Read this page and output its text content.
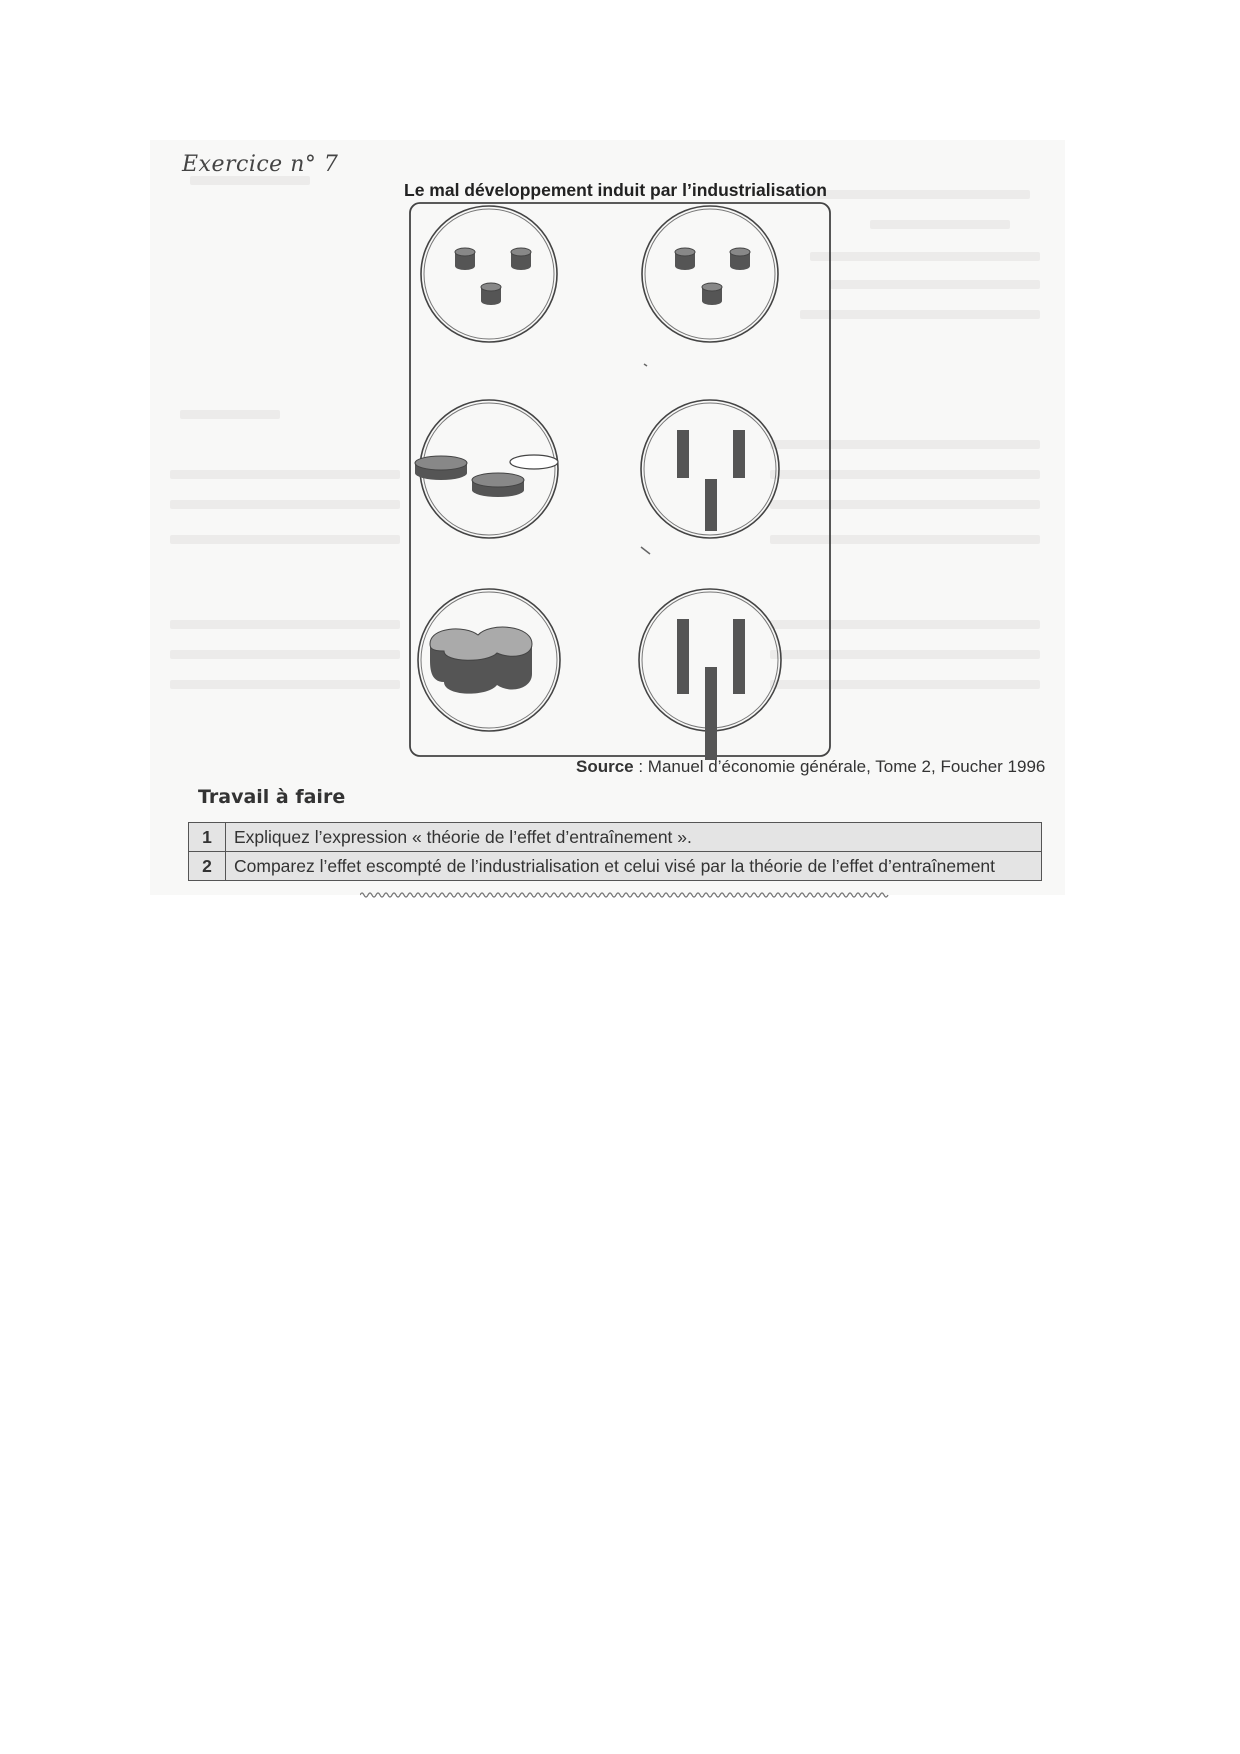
Exercice n° 7
Le mal développement induit par l’industrialisation
Source : Manuel d’économie générale, Tome 2, Foucher 1996
Travail à faire
1	Expliquez l’expression « théorie de l’effet d’entraînement ».
2	Comparez l’effet escompté de l’industrialisation et celui visé par la théorie de l’effet d’entraînement
